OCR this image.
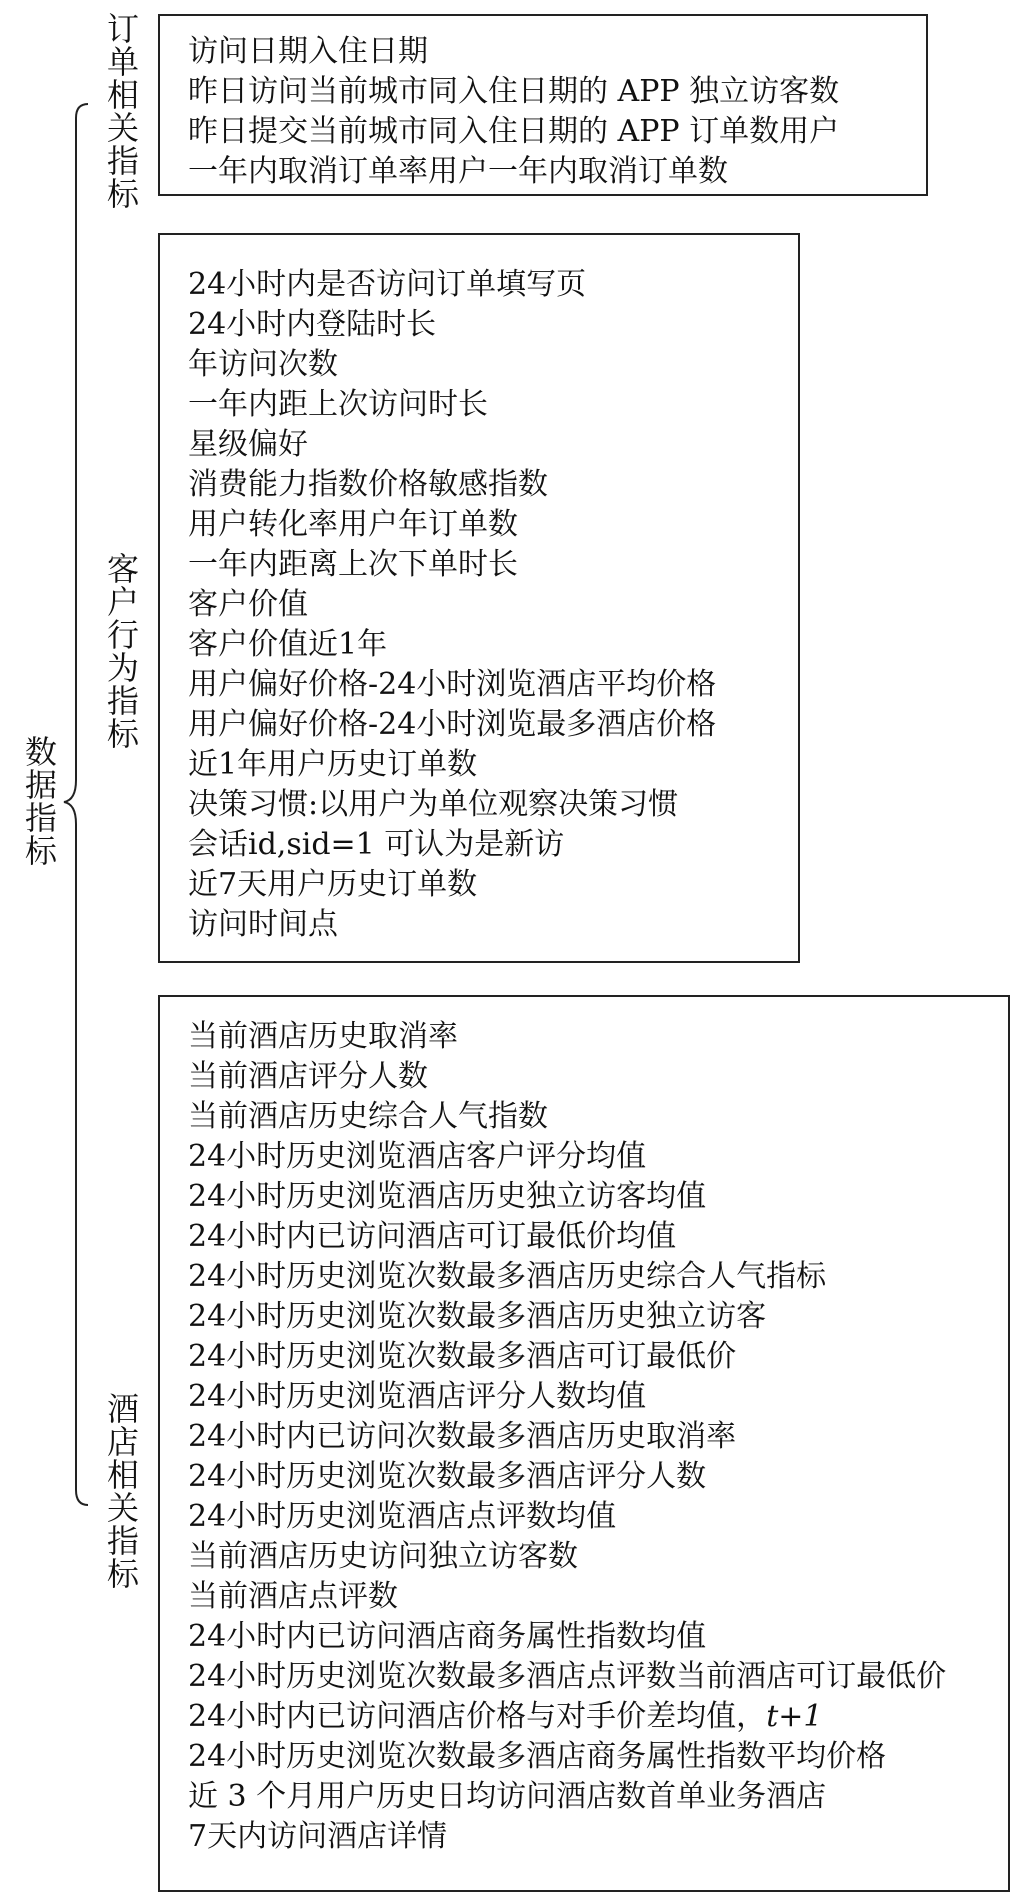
数据指标
订单相关指标 访问日期入住日期
昨日访问当前城市同入住日期的 APP 独立访客数
昨日提交当前城市同入住日期的 APP 订单数用户
一年内取消订单率用户一年内取消订单数
客户行为指标
24小时内是否访问订单填写页
24小时内登陆时长
年访问次数
一年内距上次访问时长
星级偏好
消费能力指数价格敏感指数
用户转化率用户年订单数
一年内距离上次下单时长
客户价值
客户价值近1年
用户偏好价格-24小时浏览酒店平均价格
用户偏好价格-24小时浏览最多酒店价格
近1年用户历史订单数
决策习惯:以用户为单位观察决策习惯
会话id,sid=1 可认为是新访
近7天用户历史订单数
访问时间点
酒店相关指标
当前酒店历史取消率
当前酒店评分人数
当前酒店历史综合人气指数
24小时历史浏览酒店客户评分均值
24小时历史浏览酒店历史独立访客均值
24小时内已访问酒店可订最低价均值
24小时历史浏览次数最多酒店历史综合人气指标
24小时历史浏览次数最多酒店历史独立访客
24小时历史浏览次数最多酒店可订最低价
24小时历史浏览酒店评分人数均值
24小时内已访问次数最多酒店历史取消率
24小时历史浏览次数最多酒店评分人数
24小时历史浏览酒店点评数均值
当前酒店历史访问独立访客数
当前酒店点评数
24小时内已访问酒店商务属性指数均值
24小时历史浏览次数最多酒店点评数当前酒店可订最低价
24小时内已访问酒店价格与对手价差均值，t+1
24小时历史浏览次数最多酒店商务属性指数平均价格
近 3 个月用户历史日均访问酒店数首单业务酒店
7天内访问酒店详情
